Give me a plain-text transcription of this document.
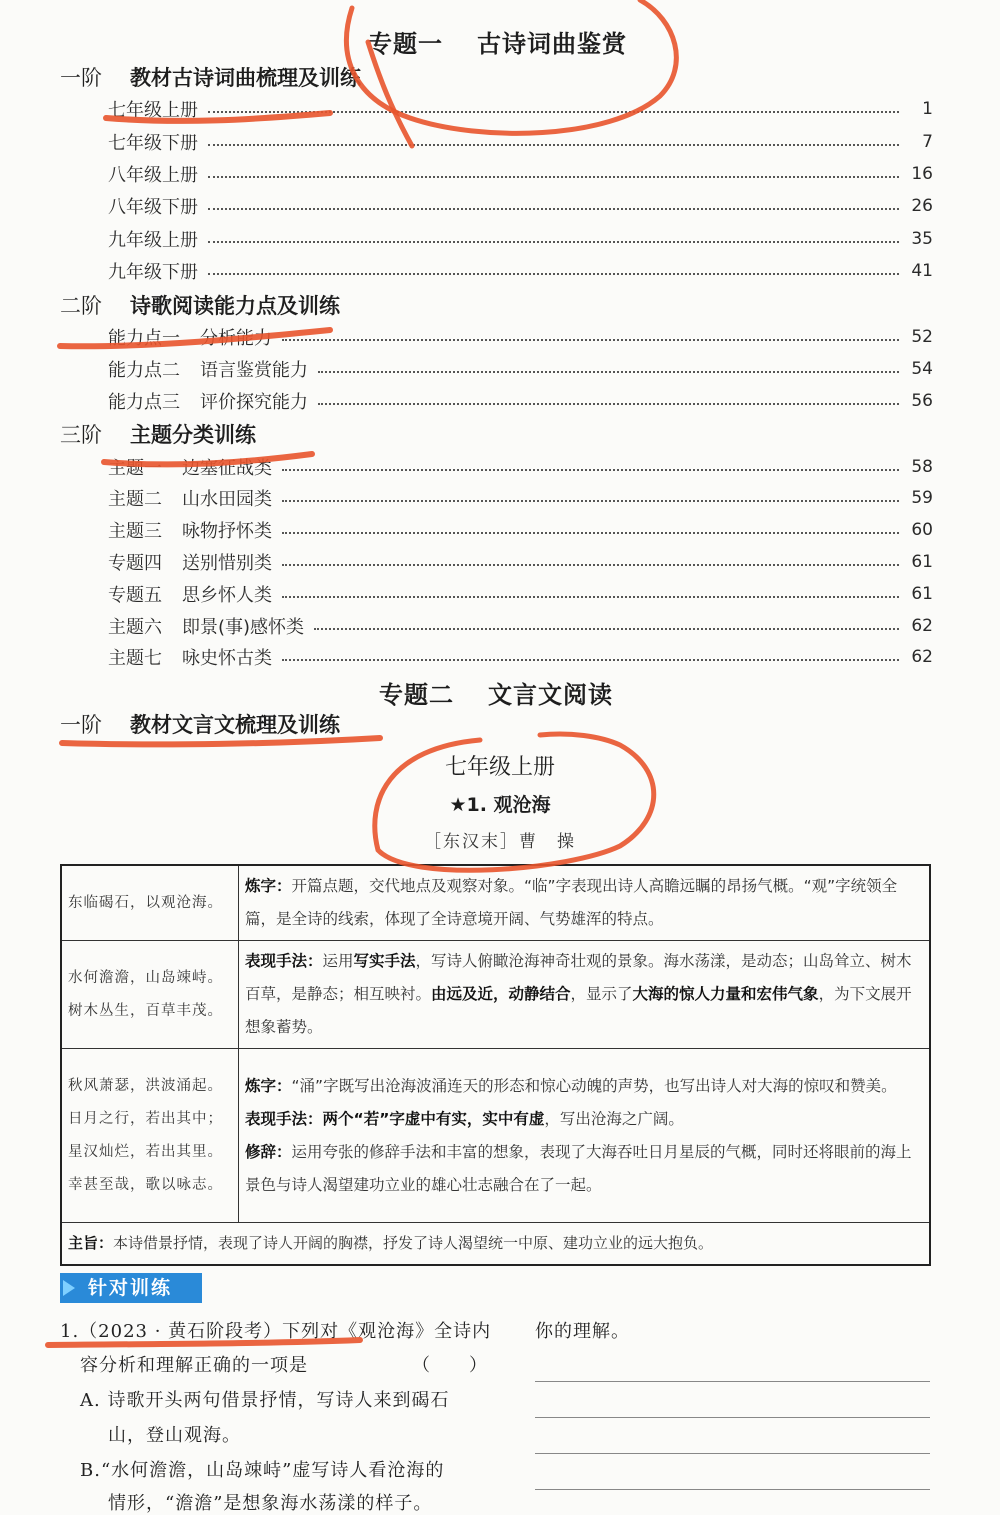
专题一 古诗词曲鉴赏
一阶 教材古诗词曲梳理及训练
七年级上册	1
七年级下册	7
八年级上册	16
八年级下册	26
九年级上册	35
九年级下册	41
二阶 诗歌阅读能力点及训练
能力点一 分析能力	52
能力点二 语言鉴赏能力	54
能力点三 评价探究能力	56
三阶 主题分类训练
主题一 边塞征战类	58
主题二 山水田园类	59
主题三 咏物抒怀类	60
专题四 送别惜别类	61
专题五 思乡怀人类	61
主题六 即景(事)感怀类	62
主题七 咏史怀古类	62
专题二 文言文阅读
一阶 教材文言文梳理及训练
七年级上册
★1. 观沧海
［东汉末］曹　操
东临碣石，以观沧海。	炼字：开篇点题，交代地点及观察对象。“临”字表现出诗人高瞻远瞩的昂扬气概。“观”字统领全篇，是全诗的线索，体现了全诗意境开阔、气势雄浑的特点。
水何澹澹，山岛竦峙。
树木丛生，百草丰茂。	表现手法：运用写实手法，写诗人俯瞰沧海神奇壮观的景象。海水荡漾，是动态；山岛耸立、树木百草，是静态；相互映衬。由远及近，动静结合，显示了大海的惊人力量和宏伟气象，为下文展开想象蓄势。
秋风萧瑟，洪波涌起。
日月之行，若出其中；
星汉灿烂，若出其里。
幸甚至哉，歌以咏志。	炼字：“涌”字既写出沧海波涌连天的形态和惊心动魄的声势，也写出诗人对大海的惊叹和赞美。
表现手法：两个“若”字虚中有实，实中有虚，写出沧海之广阔。
修辞：运用夸张的修辞手法和丰富的想象，表现了大海吞吐日月星辰的气概，同时还将眼前的海上景色与诗人渴望建功立业的雄心壮志融合在了一起。
主旨：本诗借景抒情，表现了诗人开阔的胸襟，抒发了诗人渴望统一中原、建功立业的远大抱负。	
针对训练
1.（2023 · 黄石阶段考）下列对《观沧海》全诗内
容分析和理解正确的一项是	（　　）
A. 诗歌开头两句借景抒情，写诗人来到碣石
山，登山观海。
B.“水何澹澹，山岛竦峙”虚写诗人看沧海的
情形，“澹澹”是想象海水荡漾的样子。
你的理解。
